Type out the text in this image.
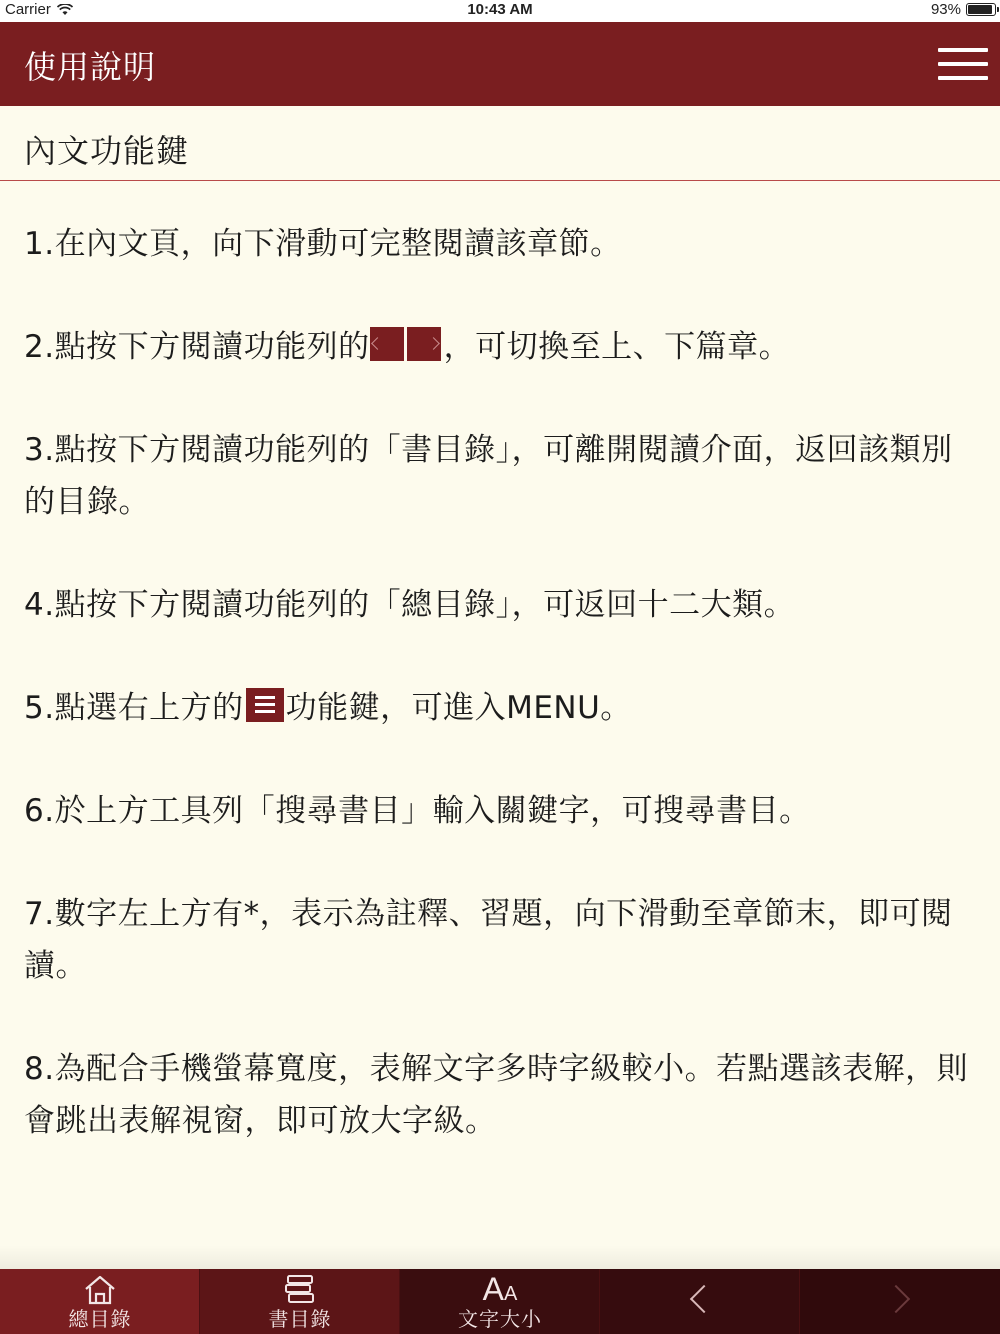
Carrier	10:43 AM	93%
使用說明
內文功能鍵

1.在內文頁，向下滑動可完整閱讀該章節。

2.點按下方閱讀功能列的 ，可切換至上、下篇章。

3.點按下方閱讀功能列的「書目錄」，可離開閱讀介面，返回該類別的目錄。

4.點按下方閱讀功能列的「總目錄」，可返回十二大類。

5.點選右上方的 功能鍵，可進入MENU。

6.於上方工具列「搜尋書目」輸入關鍵字，可搜尋書目。

7.數字左上方有*，表示為註釋、習題，向下滑動至章節末，即可閱讀。

8.為配合手機螢幕寬度，表解文字多時字級較小。若點選該表解，則會跳出表解視窗，即可放大字級。

總目錄	書目錄
AA
文字大小
